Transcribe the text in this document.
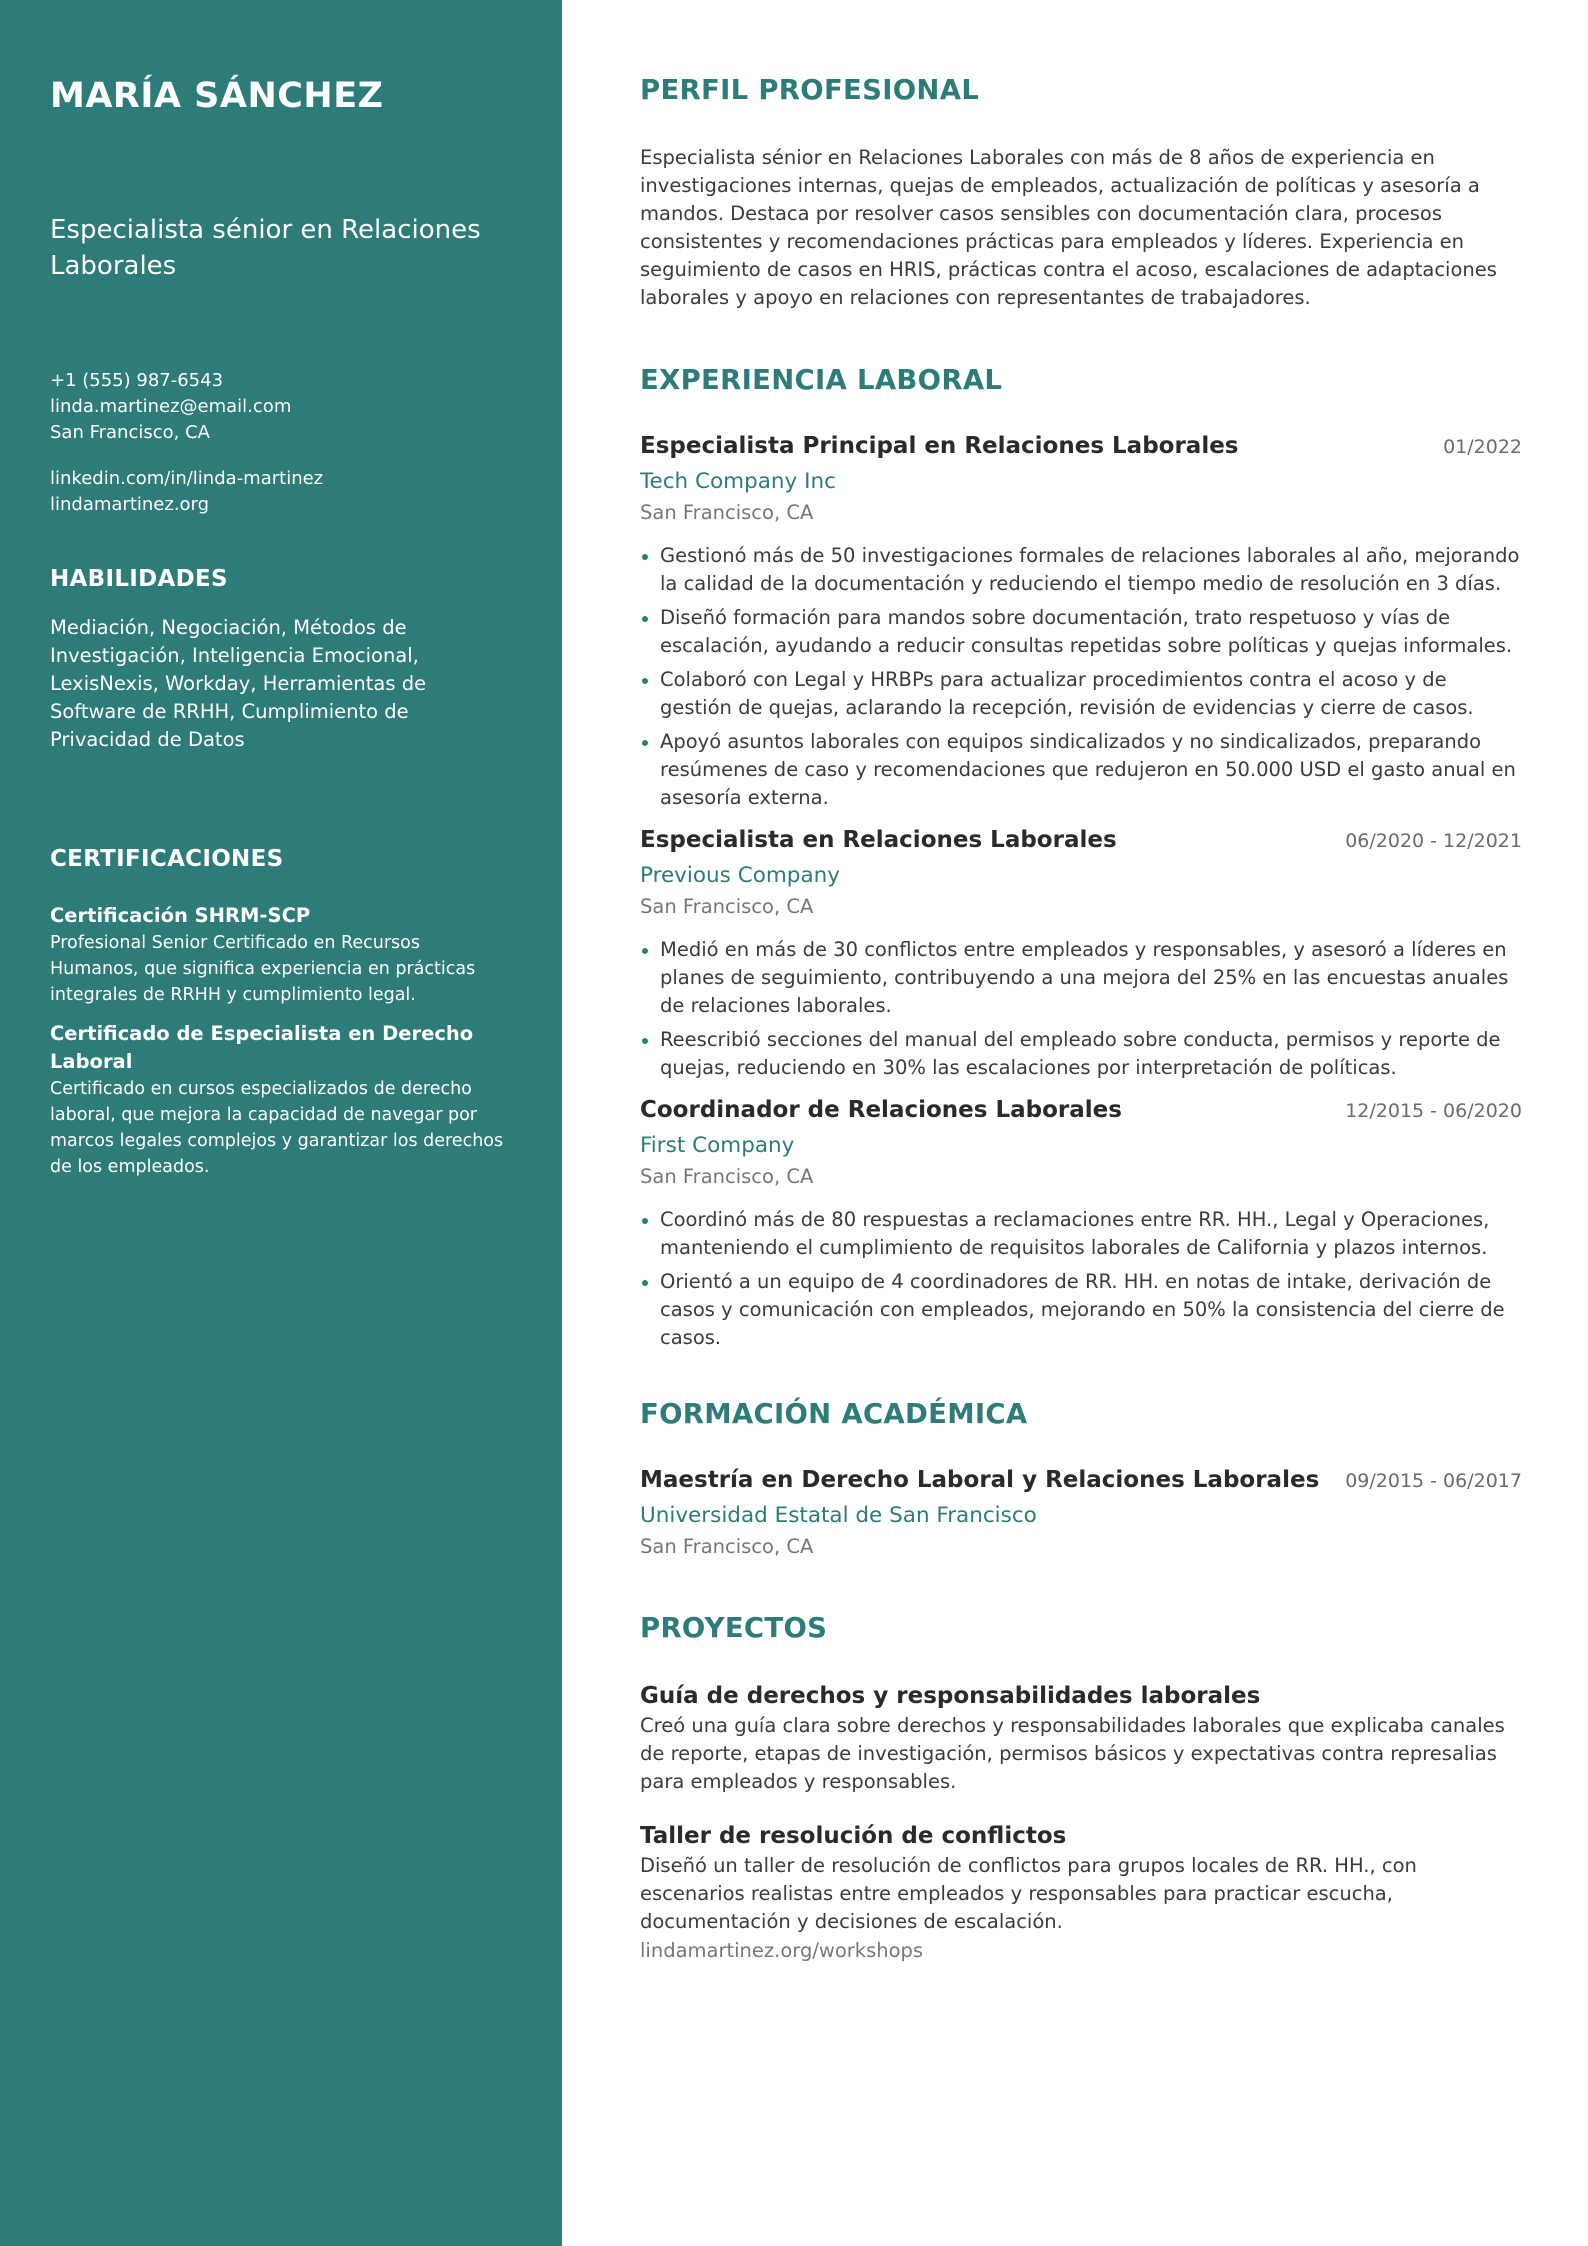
MARÍA SÁNCHEZ
Especialista sénior en Relaciones Laborales
+1 (555) 987-6543
linda.martinez@email.com
San Francisco, CA
linkedin.com/in/linda-martinez
lindamartinez.org
HABILIDADES

Mediación, Negociación, Métodos de Investigación, Inteligencia Emocional, LexisNexis, Workday, Herramientas de Software de RRHH, Cumplimiento de Privacidad de Datos

CERTIFICACIONES
Certificación SHRM-SCP
Profesional Senior Certificado en Recursos Humanos, que significa experiencia en prácticas integrales de RRHH y cumplimiento legal.
Certificado de Especialista en Derecho Laboral
Certificado en cursos especializados de derecho laboral, que mejora la capacidad de navegar por marcos legales complejos y garantizar los derechos de los empleados.
PERFIL PROFESIONAL

Especialista sénior en Relaciones Laborales con más de 8 años de experiencia en investigaciones internas, quejas de empleados, actualización de políticas y asesoría a mandos. Destaca por resolver casos sensibles con documentación clara, procesos consistentes y recomendaciones prácticas para empleados y líderes. Experiencia en seguimiento de casos en HRIS, prácticas contra el acoso, escalaciones de adaptaciones laborales y apoyo en relaciones con representantes de trabajadores.

EXPERIENCIA LABORAL
Especialista Principal en Relaciones Laborales	01/2022
Tech Company Inc
San Francisco, CA
Gestionó más de 50 investigaciones formales de relaciones laborales al año, mejorando la calidad de la documentación y reduciendo el tiempo medio de resolución en 3 días.
Diseñó formación para mandos sobre documentación, trato respetuoso y vías de escalación, ayudando a reducir consultas repetidas sobre políticas y quejas informales.
Colaboró con Legal y HRBPs para actualizar procedimientos contra el acoso y de gestión de quejas, aclarando la recepción, revisión de evidencias y cierre de casos.
Apoyó asuntos laborales con equipos sindicalizados y no sindicalizados, preparando resúmenes de caso y recomendaciones que redujeron en 50.000 USD el gasto anual en asesoría externa.
Especialista en Relaciones Laborales	06/2020 - 12/2021
Previous Company
San Francisco, CA
Medió en más de 30 conflictos entre empleados y responsables, y asesoró a líderes en planes de seguimiento, contribuyendo a una mejora del 25% en las encuestas anuales de relaciones laborales.
Reescribió secciones del manual del empleado sobre conducta, permisos y reporte de quejas, reduciendo en 30% las escalaciones por interpretación de políticas.
Coordinador de Relaciones Laborales	12/2015 - 06/2020
First Company
San Francisco, CA
Coordinó más de 80 respuestas a reclamaciones entre RR. HH., Legal y Operaciones, manteniendo el cumplimiento de requisitos laborales de California y plazos internos.
Orientó a un equipo de 4 coordinadores de RR. HH. en notas de intake, derivación de casos y comunicación con empleados, mejorando en 50% la consistencia del cierre de casos.
FORMACIÓN ACADÉMICA
Maestría en Derecho Laboral y Relaciones Laborales 09/2015 - 06/2017
Universidad Estatal de San Francisco
San Francisco, CA
PROYECTOS
Guía de derechos y responsabilidades laborales

Creó una guía clara sobre derechos y responsabilidades laborales que explicaba canales de reporte, etapas de investigación, permisos básicos y expectativas contra represalias para empleados y responsables.

Taller de resolución de conflictos

Diseñó un taller de resolución de conflictos para grupos locales de RR. HH., con escenarios realistas entre empleados y responsables para practicar escucha, documentación y decisiones de escalación.

lindamartinez.org/workshops
